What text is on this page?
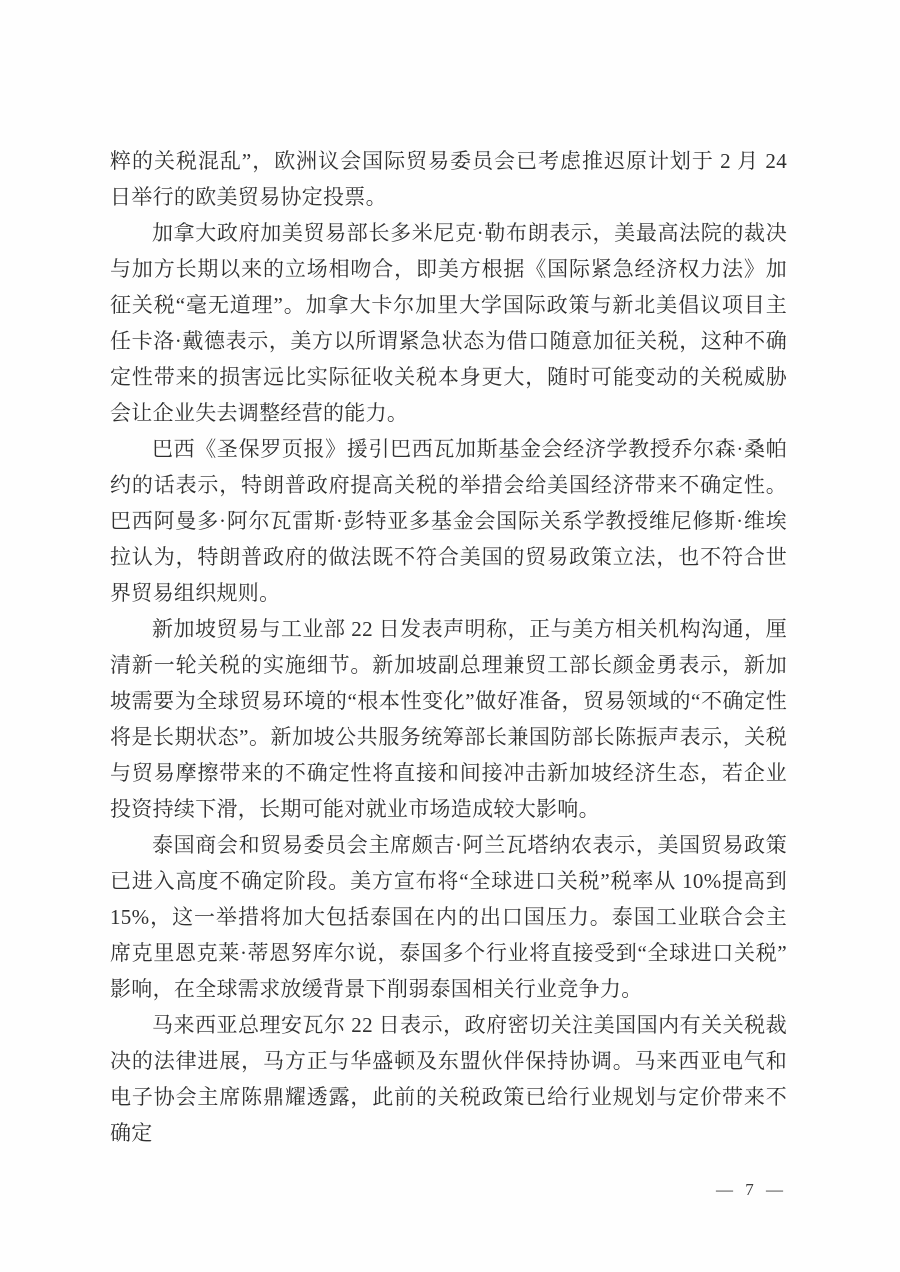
粹的关税混乱”，欧洲议会国际贸易委员会已考虑推迟原计划于 2 月 24 日举行的欧美贸易协定投票。

加拿大政府加美贸易部长多米尼克·勒布朗表示，美最高法院的裁决与加方长期以来的立场相吻合，即美方根据《国际紧急经济权力法》加征关税“毫无道理”。加拿大卡尔加里大学国际政策与新北美倡议项目主任卡洛·戴德表示，美方以所谓紧急状态为借口随意加征关税，这种不确定性带来的损害远比实际征收关税本身更大，随时可能变动的关税威胁会让企业失去调整经营的能力。

巴西《圣保罗页报》援引巴西瓦加斯基金会经济学教授乔尔森·桑帕约的话表示，特朗普政府提高关税的举措会给美国经济带来不确定性。巴西阿曼多·阿尔瓦雷斯·彭特亚多基金会国际关系学教授维尼修斯·维埃拉认为，特朗普政府的做法既不符合美国的贸易政策立法，也不符合世界贸易组织规则。

新加坡贸易与工业部 22 日发表声明称，正与美方相关机构沟通，厘清新一轮关税的实施细节。新加坡副总理兼贸工部长颜金勇表示，新加坡需要为全球贸易环境的“根本性变化”做好准备，贸易领域的“不确定性将是长期状态”。新加坡公共服务统筹部长兼国防部长陈振声表示，关税与贸易摩擦带来的不确定性将直接和间接冲击新加坡经济生态，若企业投资持续下滑，长期可能对就业市场造成较大影响。

泰国商会和贸易委员会主席颇吉·阿兰瓦塔纳农表示，美国贸易政策已进入高度不确定阶段。美方宣布将“全球进口关税”税率从 10%提高到 15%，这一举措将加大包括泰国在内的出口国压力。泰国工业联合会主席克里恩克莱·蒂恩努库尔说，泰国多个行业将直接受到“全球进口关税”影响，在全球需求放缓背景下削弱泰国相关行业竞争力。

马来西亚总理安瓦尔 22 日表示，政府密切关注美国国内有关关税裁决的法律进展，马方正与华盛顿及东盟伙伴保持协调。马来西亚电气和电子协会主席陈鼎耀透露，此前的关税政策已给行业规划与定价带来不确定

— 7 —
